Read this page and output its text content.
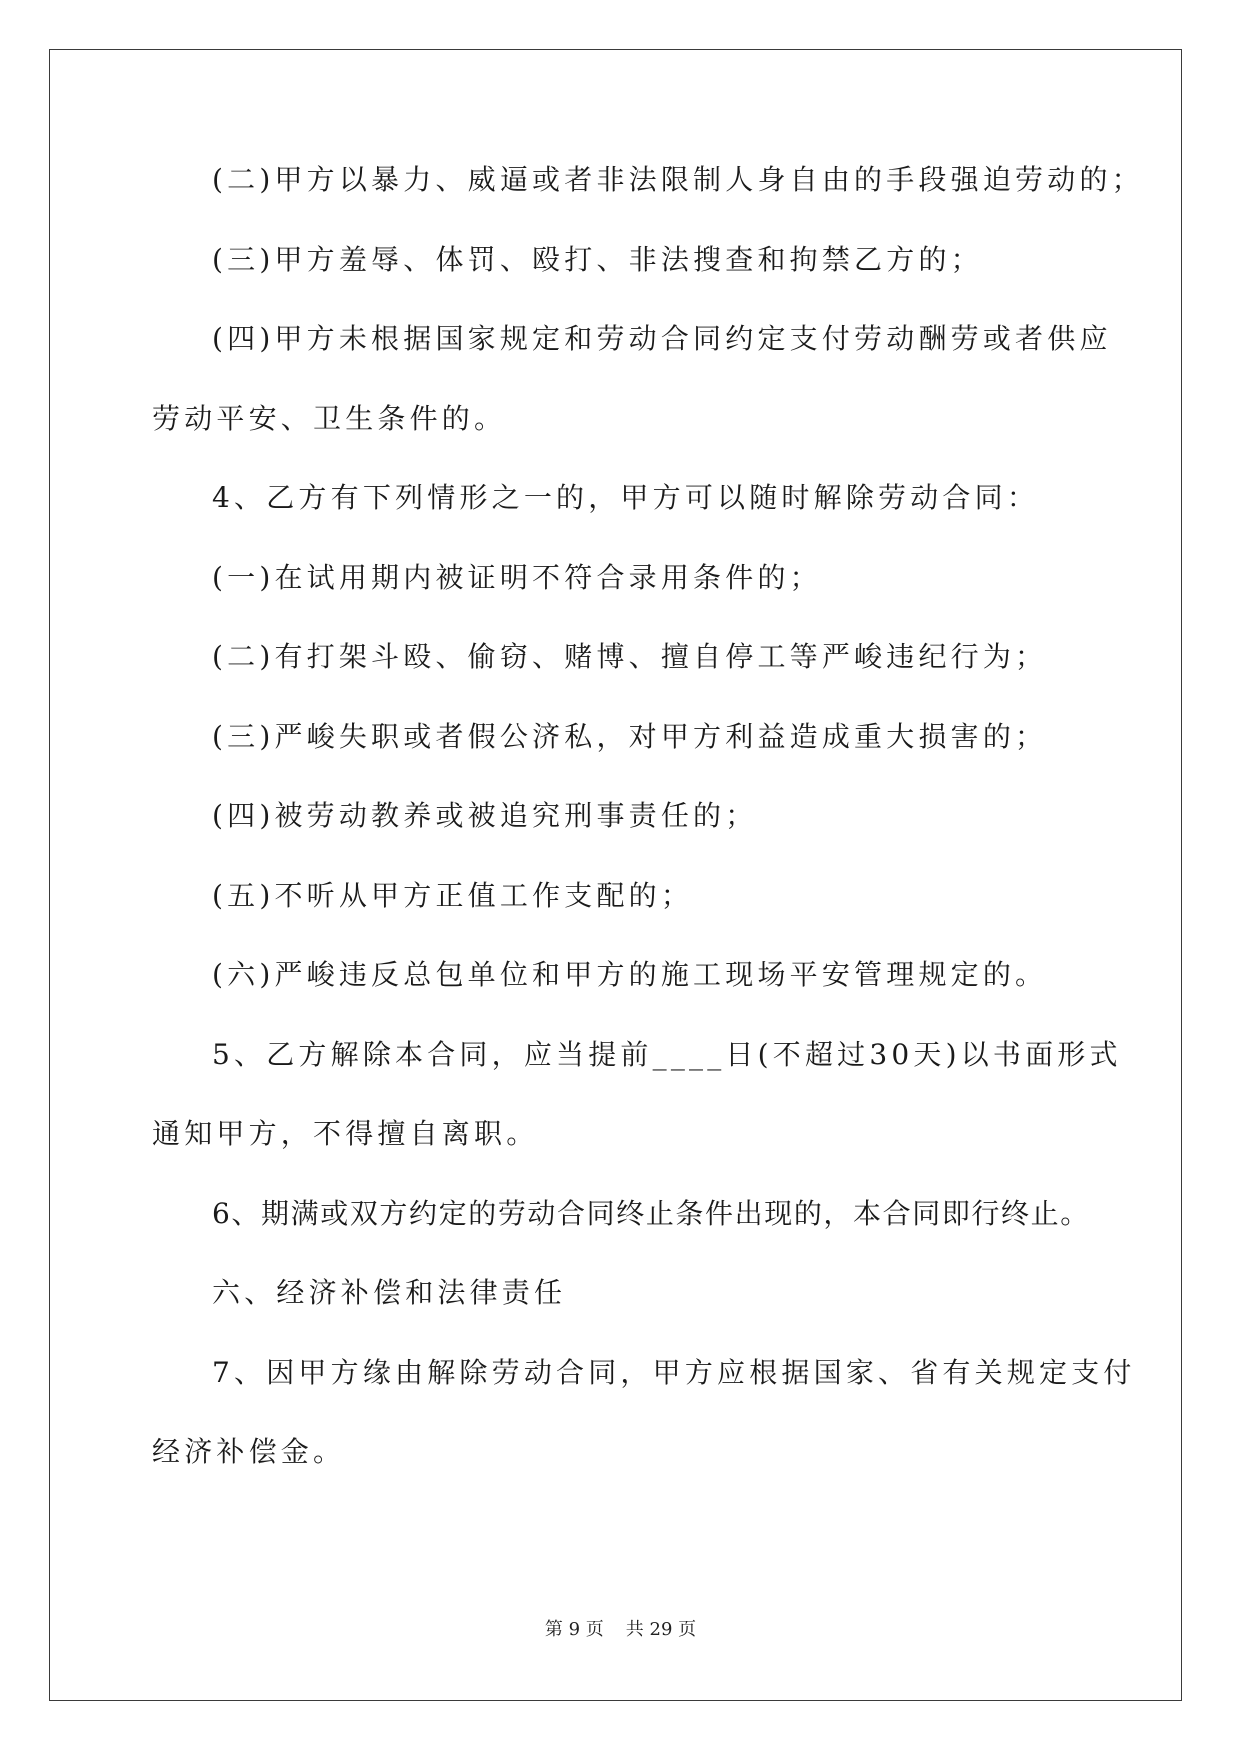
(二)甲方以暴力、威逼或者非法限制人身自由的手段强迫劳动的；
(三)甲方羞辱、体罚、殴打、非法搜查和拘禁乙方的；
(四)甲方未根据国家规定和劳动合同约定支付劳动酬劳或者供应
劳动平安、卫生条件的。
4、乙方有下列情形之一的，甲方可以随时解除劳动合同：
(一)在试用期内被证明不符合录用条件的；
(二)有打架斗殴、偷窃、赌博、擅自停工等严峻违纪行为；
(三)严峻失职或者假公济私，对甲方利益造成重大损害的；
(四)被劳动教养或被追究刑事责任的；
(五)不听从甲方正值工作支配的；
(六)严峻违反总包单位和甲方的施工现场平安管理规定的。
5、乙方解除本合同，应当提前____日(不超过30天)以书面形式
通知甲方，不得擅自离职。
6、期满或双方约定的劳动合同终止条件出现的，本合同即行终止。
六、经济补偿和法律责任
7、因甲方缘由解除劳动合同，甲方应根据国家、省有关规定支付
经济补偿金。
第 9 页 共 29 页
